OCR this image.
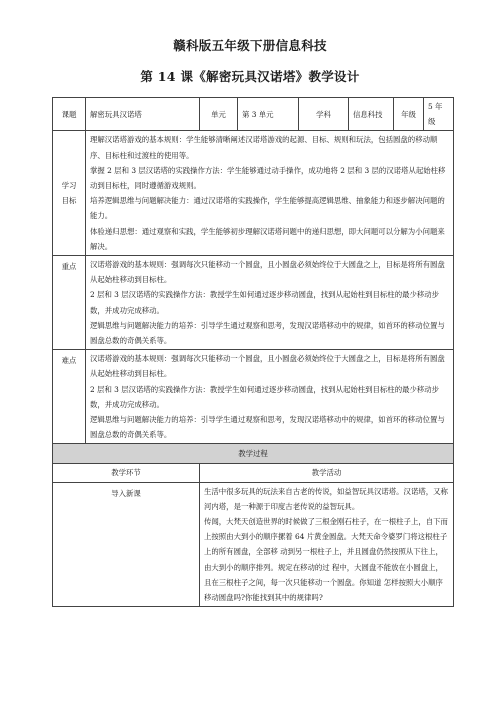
赣科版五年级下册信息科技
第 14 课《解密玩具汉诺塔》教学设计
课题	解密玩具汉诺塔	单元	第 3 单元	学科	信息科技	年级	5 年级
学习
目标	理解汉诺塔游戏的基本规则：学生能够清晰阐述汉诺塔游戏的起源、目标、规则和玩法，包括圆盘的移动顺序、目标柱和过渡柱的使用等。
掌握 2 层和 3 层汉诺塔的实践操作方法：学生能够通过动手操作，成功地将 2 层和 3 层的汉诺塔从起始柱移动到目标柱，同时遵循游戏规则。
培养逻辑思维与问题解决能力：通过汉诺塔的实践操作，学生能够提高逻辑思维、抽象能力和逐步解决问题的能力。
体验递归思想：通过观察和实践，学生能够初步理解汉诺塔问题中的递归思想，即大问题可以分解为小问题来解决。						

重点	汉诺塔游戏的基本规则：强调每次只能移动一个圆盘，且小圆盘必须始终位于大圆盘之上，目标是将所有圆盘从起始柱移动到目标柱。
2 层和 3 层汉诺塔的实践操作方法：教授学生如何通过逐步移动圆盘，找到从起始柱到目标柱的最少移动步数，并成功完成移动。
逻辑思维与问题解决能力的培养：引导学生通过观察和思考，发现汉诺塔移动中的规律，如首环的移动位置与圆盘总数的奇偶关系等。						

难点	汉诺塔游戏的基本规则：强调每次只能移动一个圆盘，且小圆盘必须始终位于大圆盘之上，目标是将所有圆盘从起始柱移动到目标柱。
2 层和 3 层汉诺塔的实践操作方法：教授学生如何通过逐步移动圆盘，找到从起始柱到目标柱的最少移动步数，并成功完成移动。
逻辑思维与问题解决能力的培养：引导学生通过观察和思考，发现汉诺塔移动中的规律，如首环的移动位置与圆盘总数的奇偶关系等。						

教学过程							
教学环节		教学活动					
导入新课		生活中很多玩具的玩法来自古老的传说，如益智玩具汉诺塔。汉诺塔，又称河内塔，是一种源于印度古老传说的益智玩具。
传闻，大梵天创造世界的时候做了三根金刚石柱子，在一根柱子上，自下而上按照由大到小的顺序摞着 64 片黄金圆盘。大梵天命令婆罗门将这根柱子上的所有圆盘，全部移 动到另一根柱子上，并且圆盘仍然按照从下往上，由大到小的顺序排列。规定在移动的过 程中，大圆盘不能放在小圆盘上，且在三根柱子之间，每一次只能移动一个圆盘。你知道 怎样按照大小顺序移动圆盘吗?你能找到其中的规律吗?					
